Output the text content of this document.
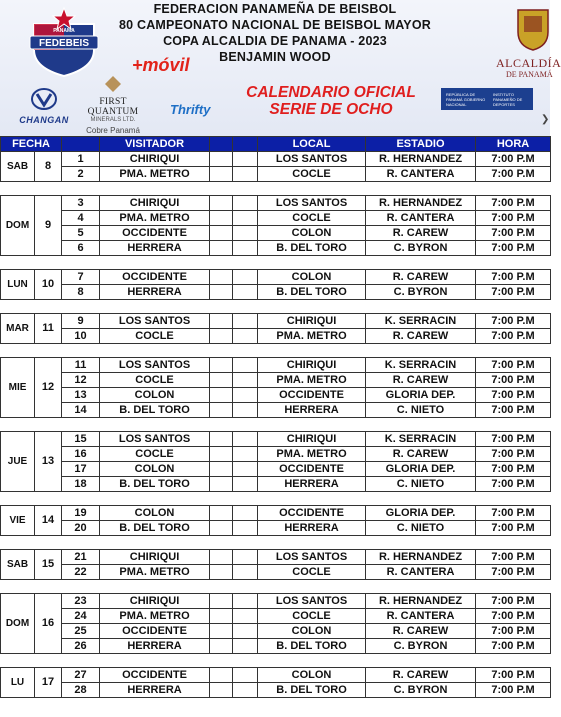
FEDERACION PANAMEÑA DE BEISBOL
80 CAMPEONATO NACIONAL DE BEISBOL MAYOR
COPA ALCALDIA DE PANAMA - 2023
BENJAMIN WOOD
PANAMA
FEDEBEIS
+móvil
CHANGAN
FIRST QUANTUM
MINERALS LTD.
Cobre Panamá
Thrifty
CALENDARIO OFICIAL
SERIE DE OCHO
REPÚBLICA DE PANAMÁ GOBIERNO NACIONAL
INSTITUTO PANAMEÑO DE DEPORTES
ALCALDÍA
DE PANAMÁ
❯
FECHA			VISITADOR			LOCAL	ESTADIO	HORA
SAB	8	1	CHIRIQUI			LOS SANTOS	R. HERNANDEZ	7:00 P.M
		2	PMA. METRO			COCLE	R. CANTERA	7:00 P.M

DOM	9	3	CHIRIQUI			LOS SANTOS	R. HERNANDEZ	7:00 P.M
		4	PMA. METRO			COCLE	R. CANTERA	7:00 P.M
		5	OCCIDENTE			COLON	R. CAREW	7:00 P.M
		6	HERRERA			B. DEL TORO	C. BYRON	7:00 P.M

LUN	10	7	OCCIDENTE			COLON	R. CAREW	7:00 P.M
		8	HERRERA			B. DEL TORO	C. BYRON	7:00 P.M

MAR	11	9	LOS SANTOS			CHIRIQUI	K. SERRACIN	7:00 P.M
		10	COCLE			PMA. METRO	R. CAREW	7:00 P.M

MIE	12	11	LOS SANTOS			CHIRIQUI	K. SERRACIN	7:00 P.M
		12	COCLE			PMA. METRO	R. CAREW	7:00 P.M
		13	COLON			OCCIDENTE	GLORIA DEP.	7:00 P.M
		14	B. DEL TORO			HERRERA	C. NIETO	7:00 P.M

JUE	13	15	LOS SANTOS			CHIRIQUI	K. SERRACIN	7:00 P.M
		16	COCLE			PMA. METRO	R. CAREW	7:00 P.M
		17	COLON			OCCIDENTE	GLORIA DEP.	7:00 P.M
		18	B. DEL TORO			HERRERA	C. NIETO	7:00 P.M

VIE	14	19	COLON			OCCIDENTE	GLORIA DEP.	7:00 P.M
		20	B. DEL TORO			HERRERA	C. NIETO	7:00 P.M

SAB	15	21	CHIRIQUI			LOS SANTOS	R. HERNANDEZ	7:00 P.M
		22	PMA. METRO			COCLE	R. CANTERA	7:00 P.M

DOM	16	23	CHIRIQUI			LOS SANTOS	R. HERNANDEZ	7:00 P.M
		24	PMA. METRO			COCLE	R. CANTERA	7:00 P.M
		25	OCCIDENTE			COLON	R. CAREW	7:00 P.M
		26	HERRERA			B. DEL TORO	C. BYRON	7:00 P.M

LU	17	27	OCCIDENTE			COLON	R. CAREW	7:00 P.M
		28	HERRERA			B. DEL TORO	C. BYRON	7:00 P.M
